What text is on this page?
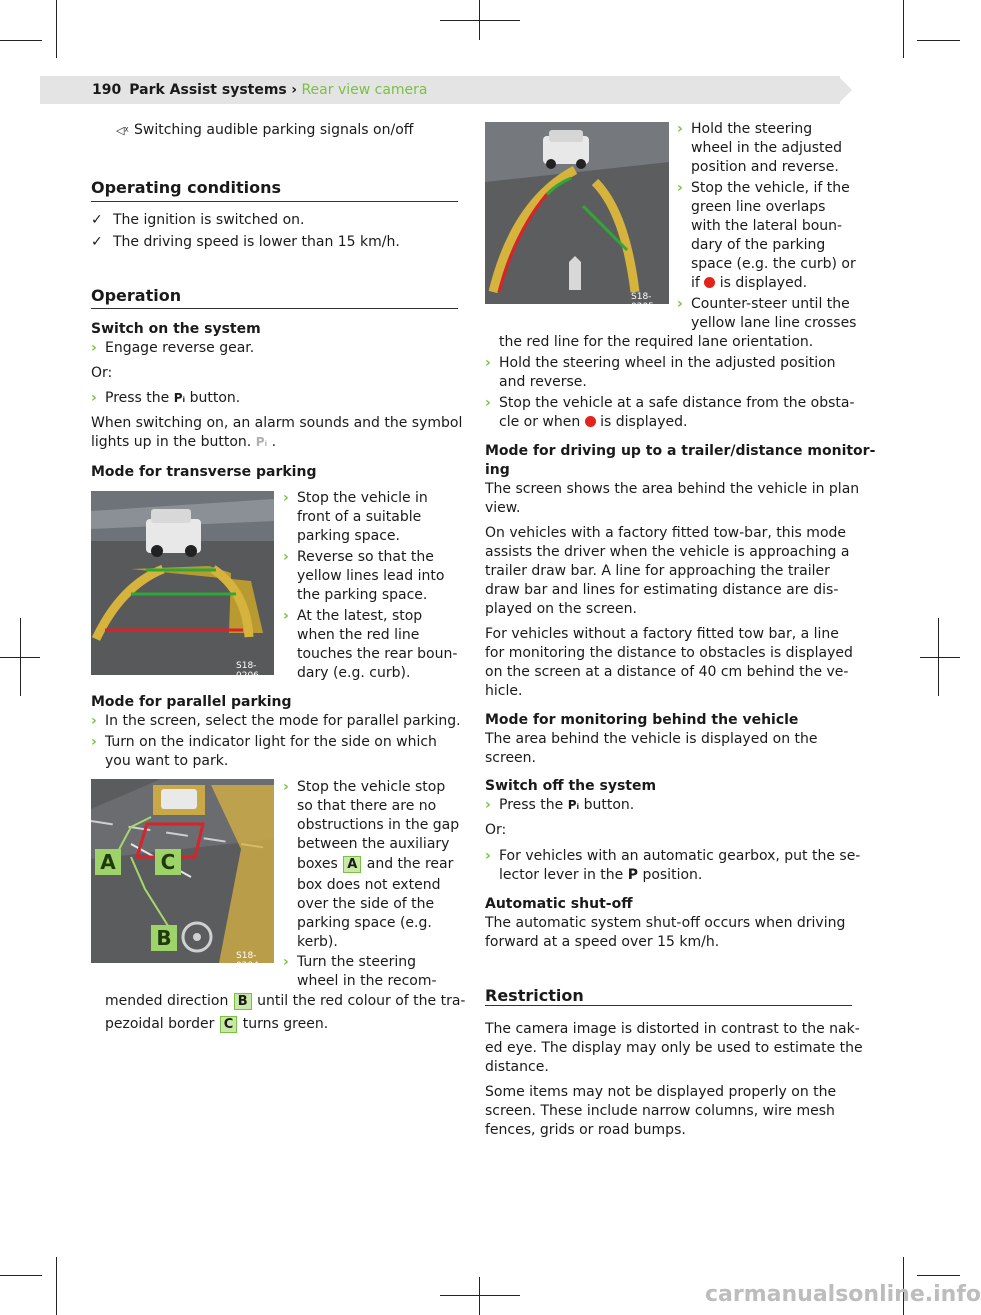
190 Park Assist systems › Rear view camera
◁ᵡ Switching audible parking signals on/off
Operating conditions
✓ The ignition is switched on.
✓ The driving speed is lower than 15 km/h.
Operation
Switch on the system
› Engage reverse gear.
Or:
› Press the Pᵢ button.
When switching on, an alarm sounds and the symbol
lights up in the button. Pᵢ .
Mode for transverse parking
S18-0206
› Stop the vehicle in
front of a suitable
parking space.
› Reverse so that the
yellow lines lead into
the parking space.
› At the latest, stop
when the red line
touches the rear boun-
dary (e.g. curb).
Mode for parallel parking
› In the screen, select the mode for parallel parking.
› Turn on the indicator light for the side on which
you want to park.
A C
B
S18-0204
› Stop the vehicle stop
so that there are no
obstructions in the gap
between the auxiliary
boxes A and the rear
box does not extend
over the side of the
parking space (e.g.
kerb).
› Turn the steering
wheel in the recom-
mended direction B until the red colour of the tra-
pezoidal border C turns green.
S18-0205
› Hold the steering
wheel in the adjusted
position and reverse.
› Stop the vehicle, if the
green line overlaps
with the lateral boun-
dary of the parking
space (e.g. the curb) or
if is displayed.
› Counter-steer until the
yellow lane line crosses
the red line for the required lane orientation.
› Hold the steering wheel in the adjusted position
and reverse.
› Stop the vehicle at a safe distance from the obsta-
cle or when is displayed.
Mode for driving up to a trailer/distance monitor-
ing
The screen shows the area behind the vehicle in plan
view.
On vehicles with a factory fitted tow-bar, this mode
assists the driver when the vehicle is approaching a
trailer draw bar. A line for approaching the trailer
draw bar and lines for estimating distance are dis-
played on the screen.
For vehicles without a factory fitted tow bar, a line
for monitoring the distance to obstacles is displayed
on the screen at a distance of 40 cm behind the ve-
hicle.
Mode for monitoring behind the vehicle
The area behind the vehicle is displayed on the
screen.
Switch off the system
› Press the Pᵢ button.
Or:
› For vehicles with an automatic gearbox, put the se-
lector lever in the P position.
Automatic shut-off
The automatic system shut-off occurs when driving
forward at a speed over 15 km/h.
Restriction
The camera image is distorted in contrast to the nak-
ed eye. The display may only be used to estimate the
distance.
Some items may not be displayed properly on the
screen. These include narrow columns, wire mesh
fences, grids or road bumps.
carmanualsonline.info
